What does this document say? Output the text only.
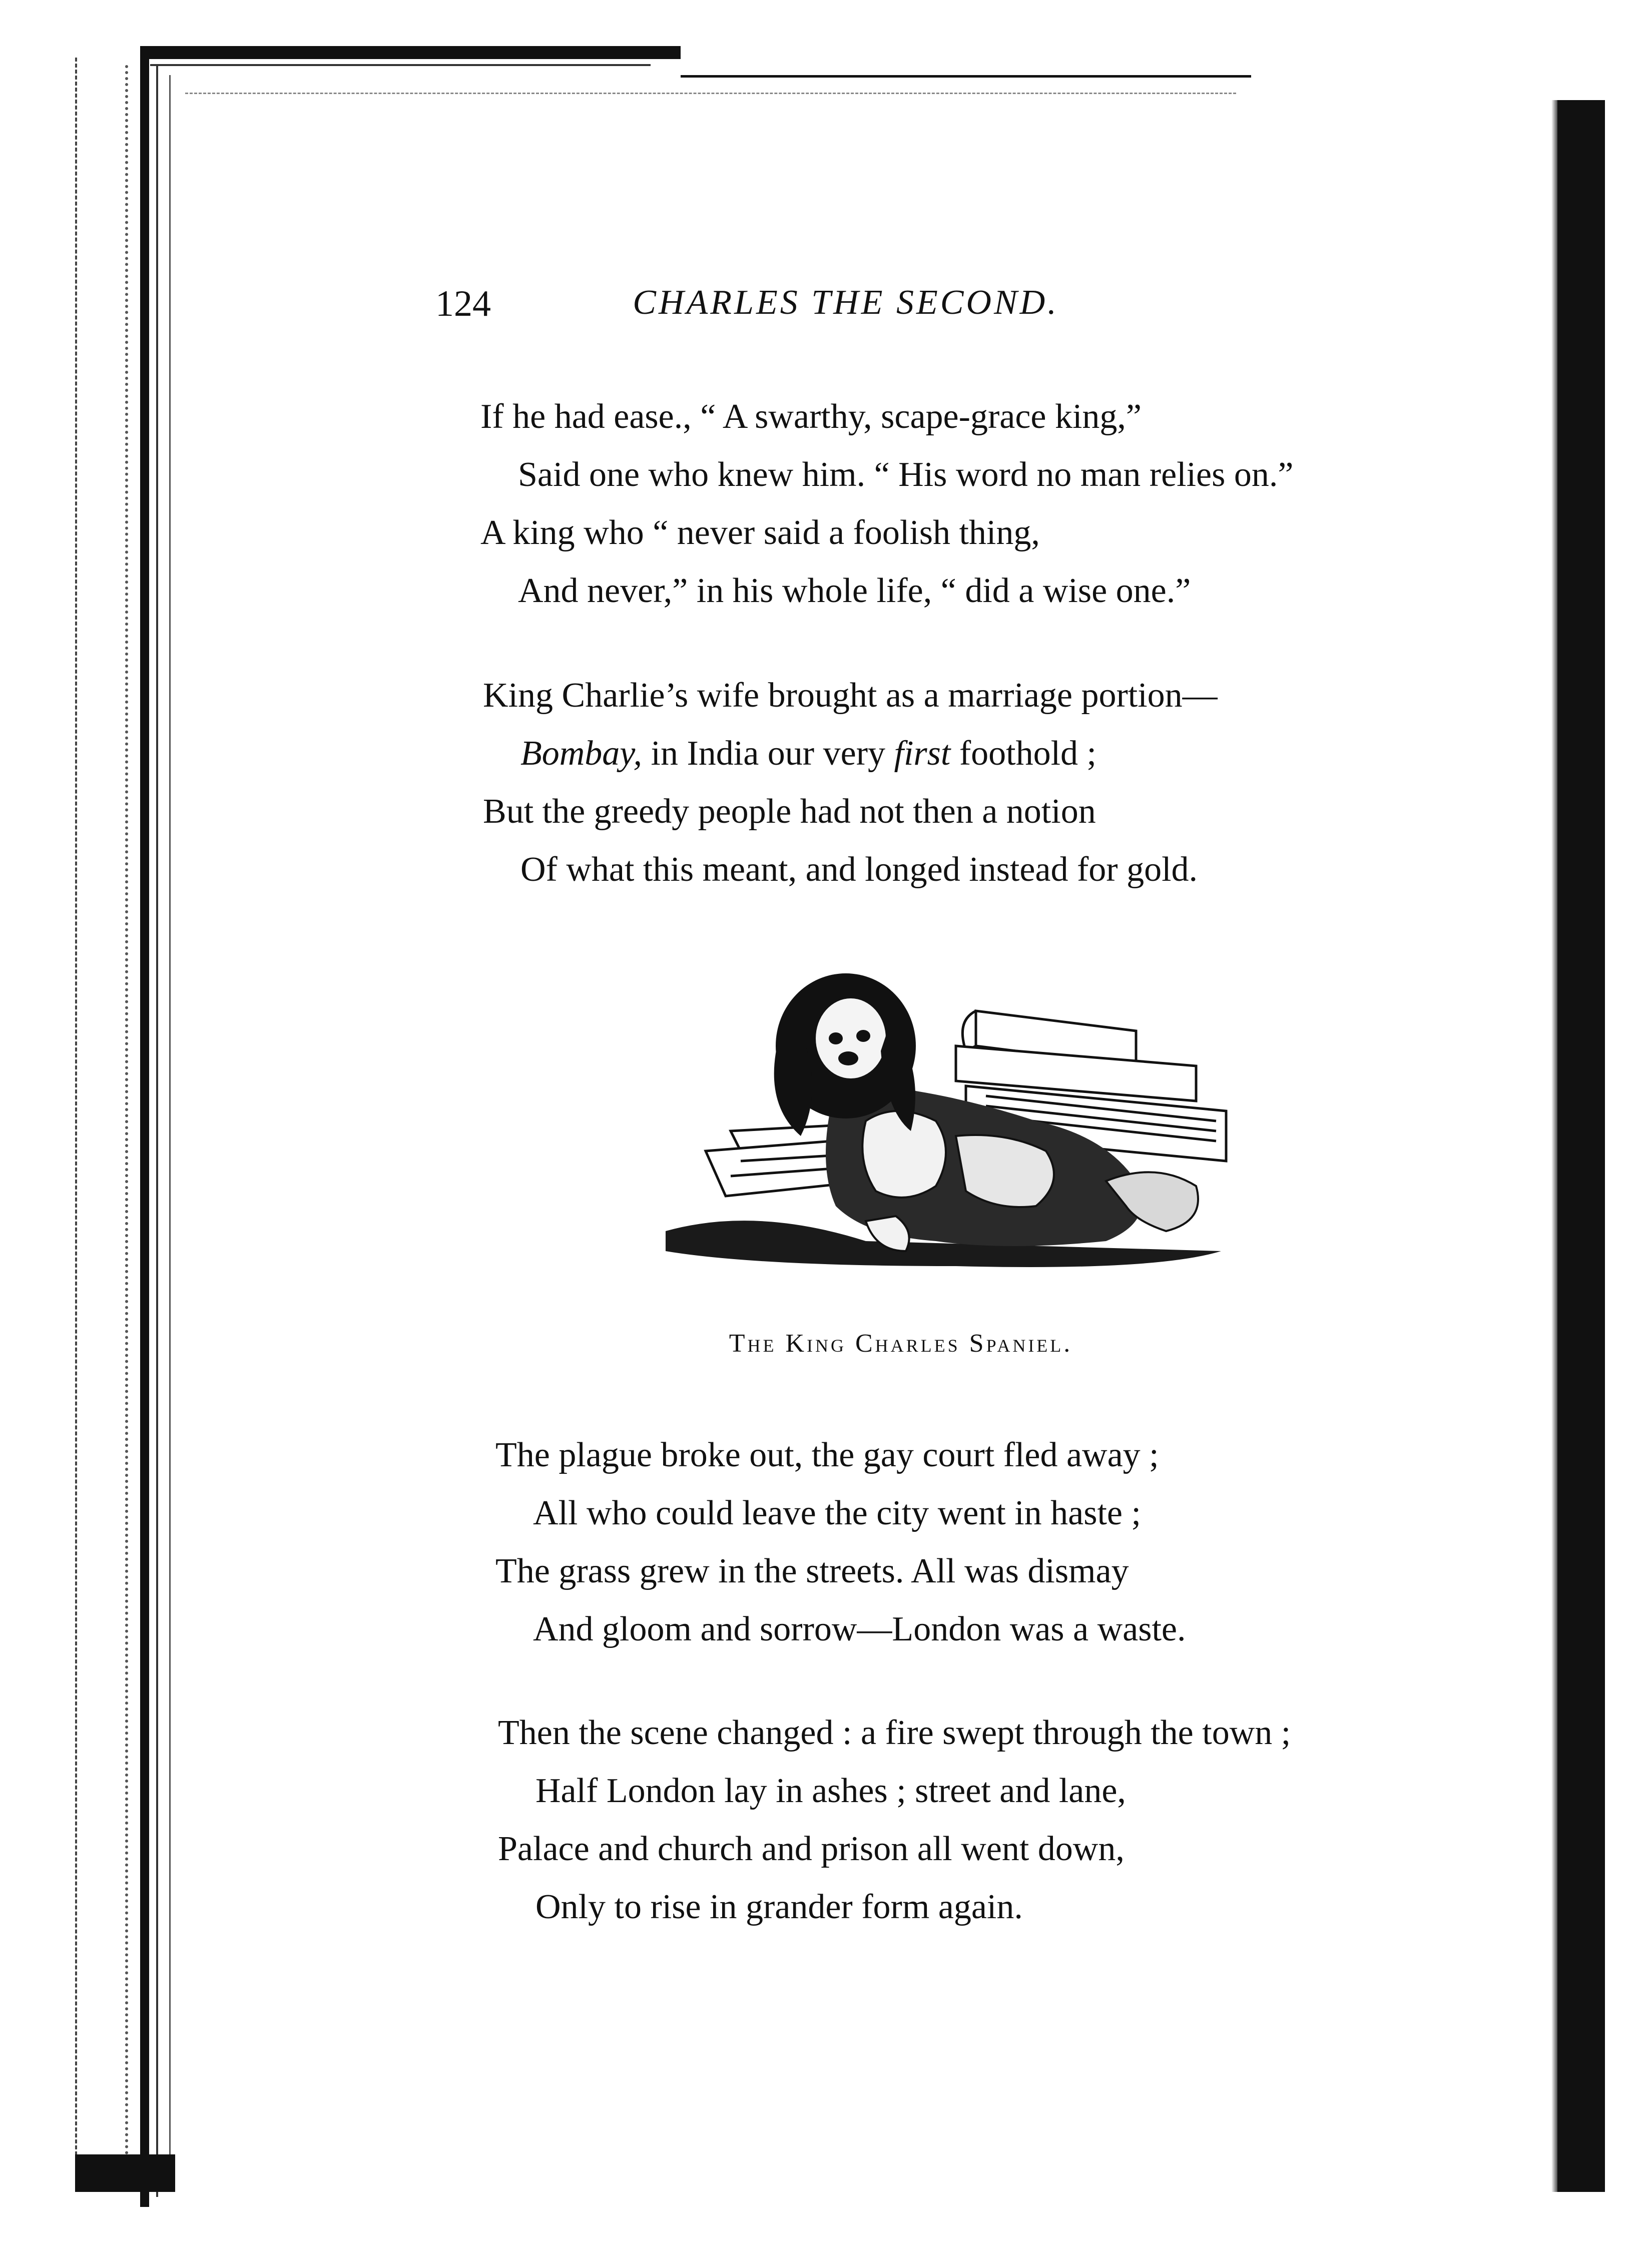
124	CHARLES THE SECOND.
If he had ease., “ A swarthy, scape-grace king,”
Said one who knew him. “ His word no man relies on.”
A king who “ never said a foolish thing,
And never,” in his whole life, “ did a wise one.”
King Charlie’s wife brought as a marriage portion—
Bombay, in India our very first foothold ;
But the greedy people had not then a notion
Of what this meant, and longed instead for gold.
The King Charles Spaniel.
The plague broke out, the gay court fled away ;
All who could leave the city went in haste ;
The grass grew in the streets. All was dismay
And gloom and sorrow—London was a waste.
Then the scene changed : a fire swept through the town ;
Half London lay in ashes ; street and lane,
Palace and church and prison all went down,
Only to rise in grander form again.
